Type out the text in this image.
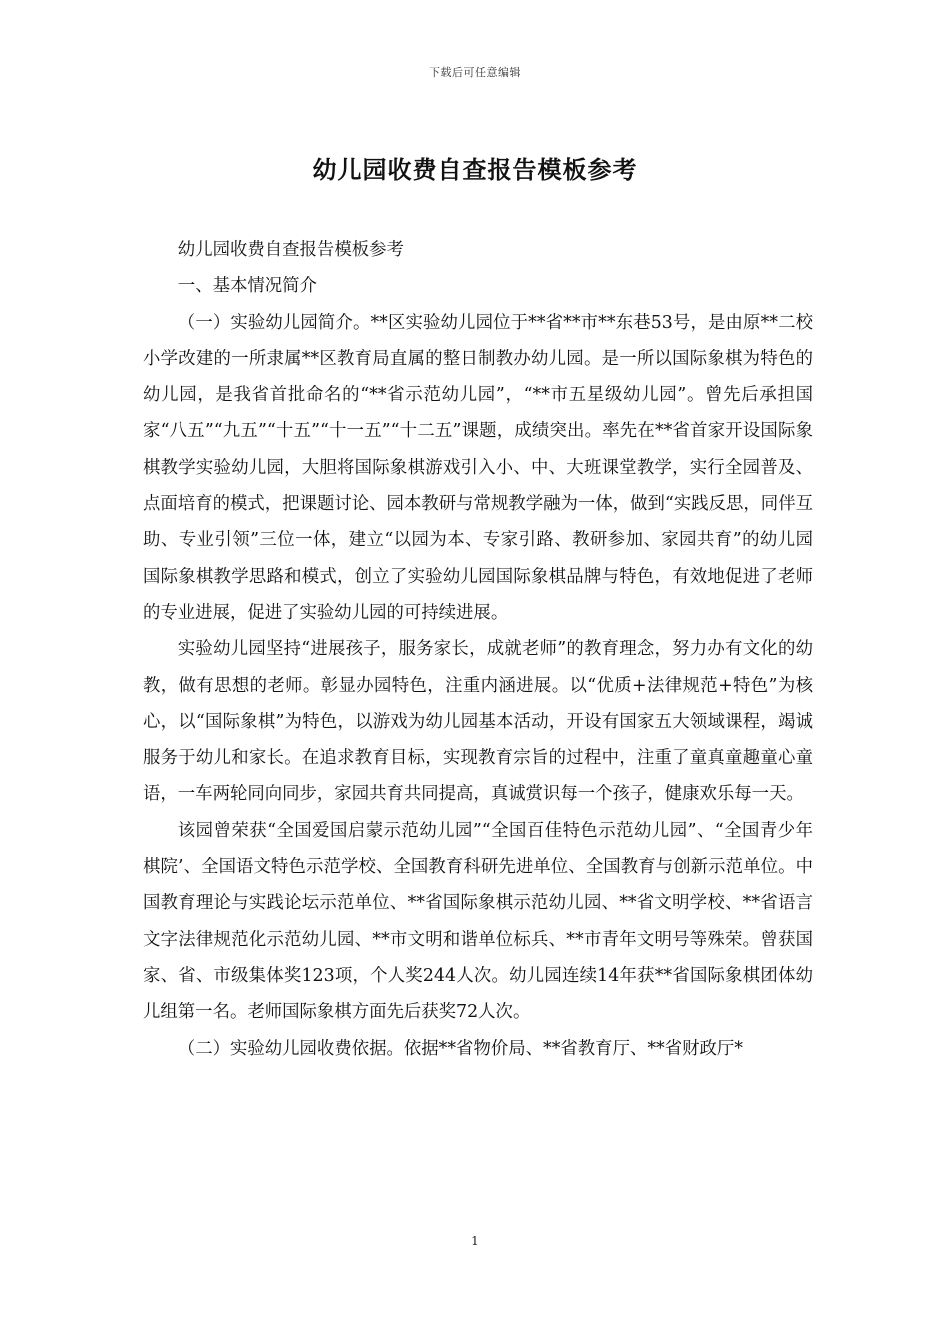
下载后可任意编辑
幼儿园收费自查报告模板参考

幼儿园收费自查报告模板参考

一、基本情况简介

（一）实验幼儿园简介。**区实验幼儿园位于**省**市**东巷53号，是由原**二校小学改建的一所隶属**区教育局直属的整日制教办幼儿园。是一所以国际象棋为特色的幼儿园，是我省首批命名的“**省示范幼儿园”，“**市五星级幼儿园”。曾先后承担国家“八五”“九五”“十五”“十一五”“十二五”课题，成绩突出。率先在**省首家开设国际象棋教学实验幼儿园，大胆将国际象棋游戏引入小、中、大班课堂教学，实行全园普及、点面培育的模式，把课题讨论、园本教研与常规教学融为一体，做到“实践反思，同伴互助、专业引领”三位一体，建立“以园为本、专家引路、教研参加、家园共育”的幼儿园国际象棋教学思路和模式，创立了实验幼儿园国际象棋品牌与特色，有效地促进了老师的专业进展，促进了实验幼儿园的可持续进展。

实验幼儿园坚持“进展孩子，服务家长，成就老师”的教育理念，努力办有文化的幼教，做有思想的老师。彰显办园特色，注重内涵进展。以“优质+法律规范+特色”为核心，以“国际象棋”为特色，以游戏为幼儿园基本活动，开设有国家五大领域课程，竭诚服务于幼儿和家长。在追求教育目标，实现教育宗旨的过程中，注重了童真童趣童心童语，一车两轮同向同步，家园共育共同提高，真诚赏识每一个孩子，健康欢乐每一天。

该园曾荣获“全国爱国启蒙示范幼儿园”“全国百佳特色示范幼儿园”、“全国青少年棋院’、全国语文特色示范学校、全国教育科研先进单位、全国教育与创新示范单位。中国教育理论与实践论坛示范单位、**省国际象棋示范幼儿园、**省文明学校、**省语言文字法律规范化示范幼儿园、**市文明和谐单位标兵、**市青年文明号等殊荣。曾获国家、省、市级集体奖123项，个人奖244人次。幼儿园连续14年获**省国际象棋团体幼儿组第一名。老师国际象棋方面先后获奖72人次。

（二）实验幼儿园收费依据。依据**省物价局、**省教育厅、**省财政厅*

1
